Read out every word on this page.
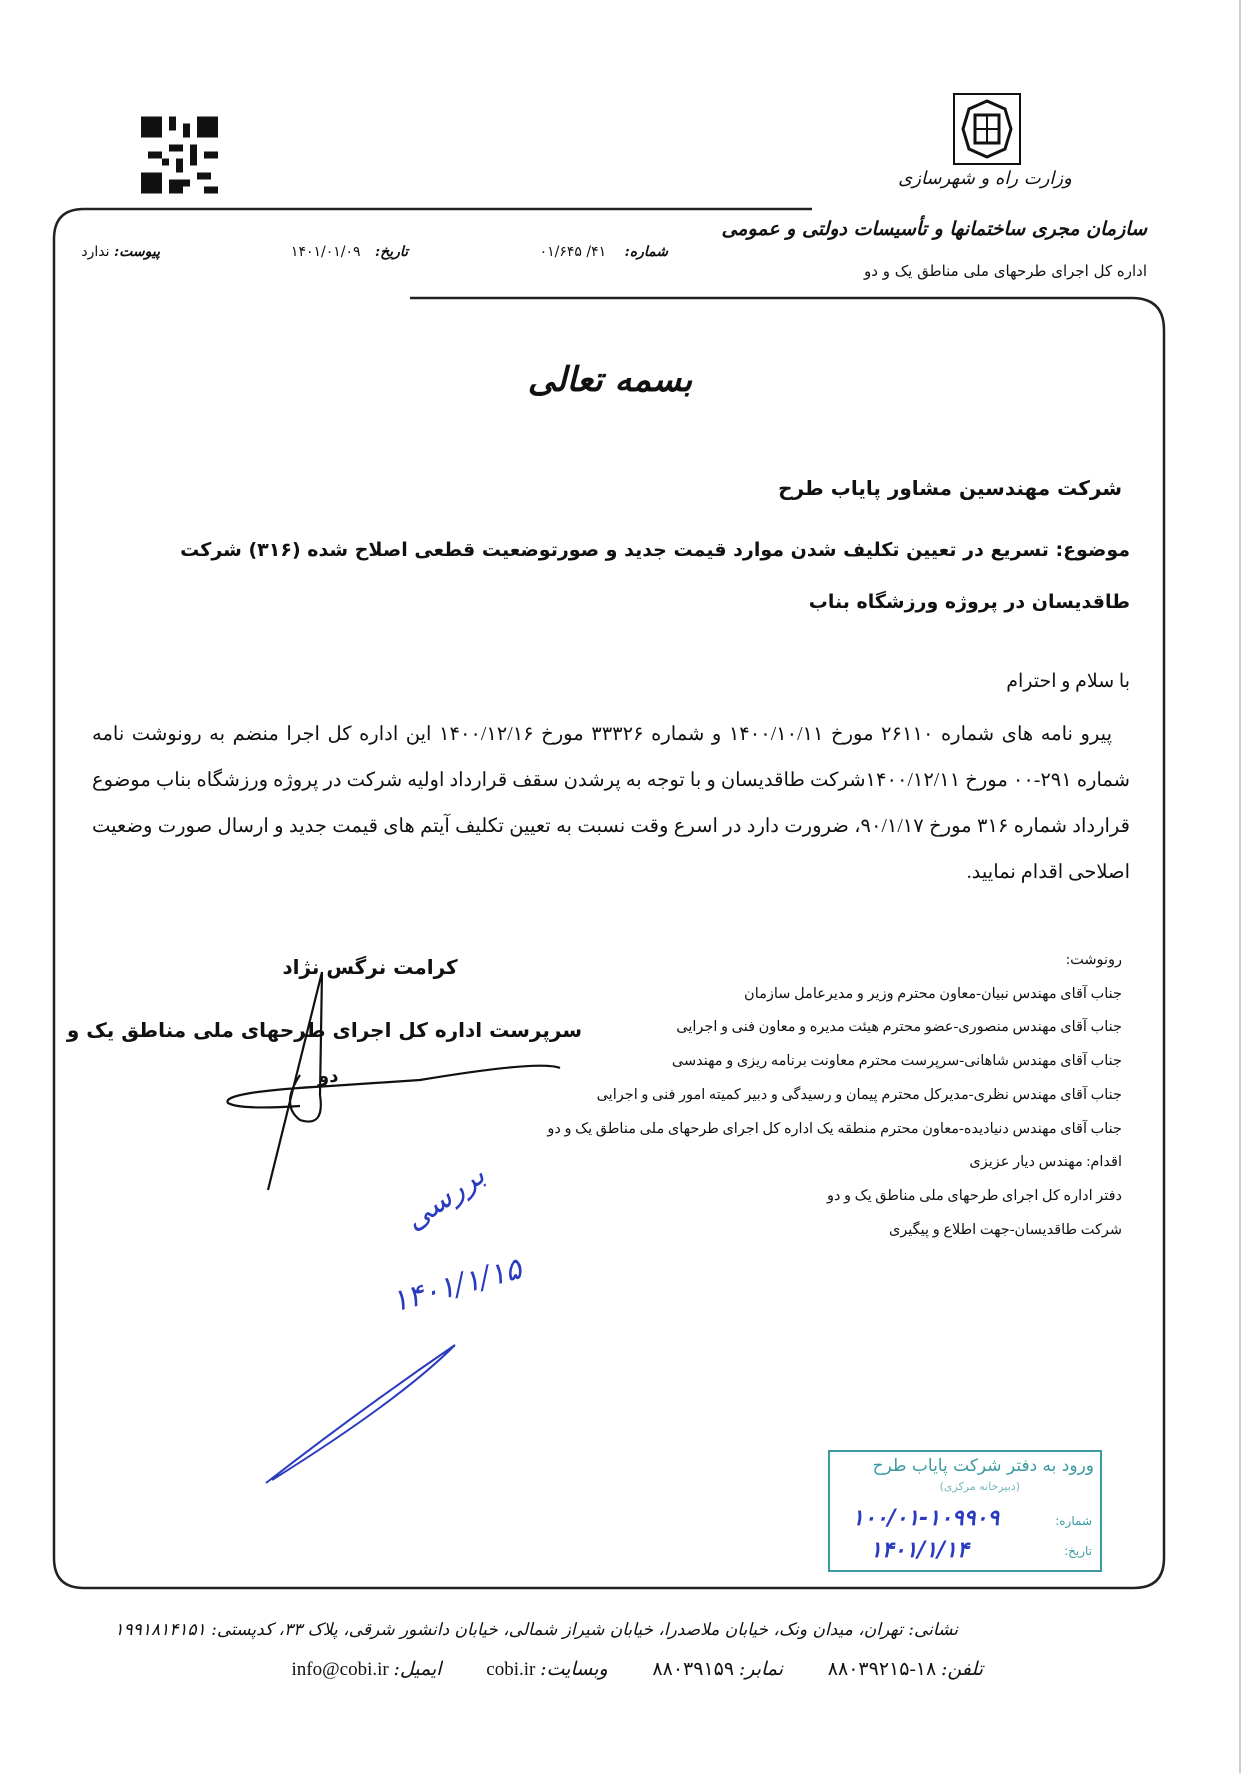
وزارت راه و شهرسازی
سازمان مجری ساختمانها و تأسیسات دولتی و عمومی
اداره کل اجرای طرحهای ملی مناطق یک و دو
شماره: ۴۱/ ۰۱/۶۴۵
تاریخ: ۱۴۰۱/۰۱/۰۹
پیوست: ندارد
بسمه تعالی
شرکت مهندسین مشاور پایاب طرح
موضوع: تسریع در تعیین تکلیف شدن موارد قیمت جدید و صورتوضعیت قطعی اصلاح شده (۳۱۶) شرکت طاقدیسان در پروژه ورزشگاه بناب
با سلام و احترام
پیرو نامه های شماره ۲۶۱۱۰ مورخ ۱۴۰۰/۱۰/۱۱ و شماره ۳۳۳۲۶ مورخ ۱۴۰۰/۱۲/۱۶ این اداره کل اجرا منضم به رونوشت نامه شماره ۲۹۱-۰۰ مورخ ۱۴۰۰/۱۲/۱۱شرکت طاقدیسان و با توجه به پرشدن سقف قرارداد اولیه شرکت در پروژه ورزشگاه بناب موضوع قرارداد شماره ۳۱۶ مورخ ۹۰/۱/۱۷، ضرورت دارد در اسرع وقت نسبت به تعیین تکلیف آیتم های قیمت جدید و ارسال صورت وضعیت اصلاحی اقدام نمایید.
رونوشت:
جناب آقای مهندس نبیان-معاون محترم وزیر و مدیرعامل سازمان
جناب آقای مهندس منصوری-عضو محترم هیئت مدیره و معاون فنی و اجرایی
جناب آقای مهندس شاهانی-سرپرست محترم معاونت برنامه ریزی و مهندسی
جناب آقای مهندس نظری-مدیرکل محترم پیمان و رسیدگی و دبیر کمیته امور فنی و اجرایی
جناب آقای مهندس دنیادیده-معاون محترم منطقه یک اداره کل اجرای طرحهای ملی مناطق یک و دو
اقدام: مهندس دیار عزیزی
دفتر اداره کل اجرای طرحهای ملی مناطق یک و دو
شرکت طاقدیسان-جهت اطلاع و پیگیری
کرامت نرگس نژاد
سرپرست اداره کل اجرای طرحهای ملی مناطق یک و
دو
بررسی
۱۴۰۱/۱/۱۵
ورود به دفتر شرکت پایاب طرح
(دبیرخانه مرکزی)
شماره:
۱۰۰/۰۱-۱۰۹۹۰۹
تاریخ:
۱۴۰۱/۱/۱۴
نشانی: تهران، میدان ونک، خیابان ملاصدرا، خیابان شیراز شمالی، خیابان دانشور شرقی، پلاک ۳۳، کدپستی: ۱۹۹۱۸۱۴۱۵۱
تلفن: ۸۸۰۳۹۲۱۵-۱۸ نمابر: ۸۸۰۳۹۱۵۹ وبسایت: cobi.ir ایمیل: info@cobi.ir
